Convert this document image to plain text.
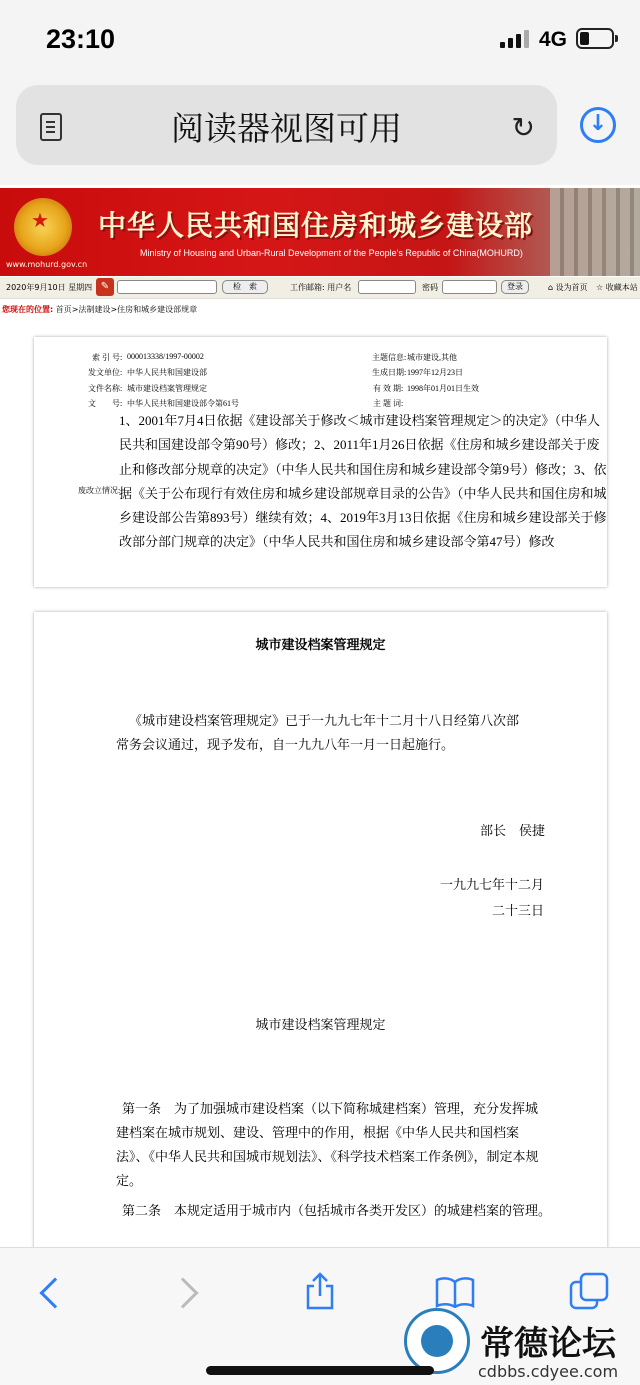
23:10	4G
阅读器视图可用	↻	↓
★
www.mohurd.gov.cn
中华人民共和国住房和城乡建设部
Ministry of Housing and Urban-Rural Development of the People's Republic of China(MOHURD)
2020年9月10日 星期四 ✎	检　索	工作邮箱: 用户名	密码	登录	⌂ 设为首页 ☆ 收藏本站
您现在的位置: 首页>法制建设>住房和城乡建设部规章
索 引 号: 000013338/1997-00002	主题信息: 城市建设,其他
发文单位: 中华人民共和国建设部	生成日期: 1997年12月23日
文件名称: 城市建设档案管理规定	有 效 期: 1998年01月01日生效
文　　号: 中华人民共和国建设部令第61号	主 题 词:
废改立情况:
1、2001年7月4日依据《建设部关于修改＜城市建设档案管理规定＞的决定》（中华人民共和国建设部令第90号）修改；2、2011年1月26日依据《住房和城乡建设部关于废止和修改部分规章的决定》（中华人民共和国住房和城乡建设部令第9号）修改；3、依据《关于公布现行有效住房和城乡建设部规章目录的公告》（中华人民共和国住房和城乡建设部公告第893号）继续有效；4、2019年3月13日依据《住房和城乡建设部关于修改部分部门规章的决定》（中华人民共和国住房和城乡建设部令第47号）修改

城市建设档案管理规定

《城市建设档案管理规定》已于一九九七年十二月十八日经第八次部常务会议通过，现予发布，自一九九八年一月一日起施行。

部长　侯捷

一九九七年十二月

二十三日

城市建设档案管理规定

第一条　为了加强城市建设档案（以下简称城建档案）管理，充分发挥城建档案在城市规划、建设、管理中的作用，根据《中华人民共和国档案法》、《中华人民共和国城市规划法》、《科学技术档案工作条例》，制定本规定。

第二条　本规定适用于城市内（包括城市各类开发区）的城建档案的管理。

常德论坛
cdbbs.cdyee.com
